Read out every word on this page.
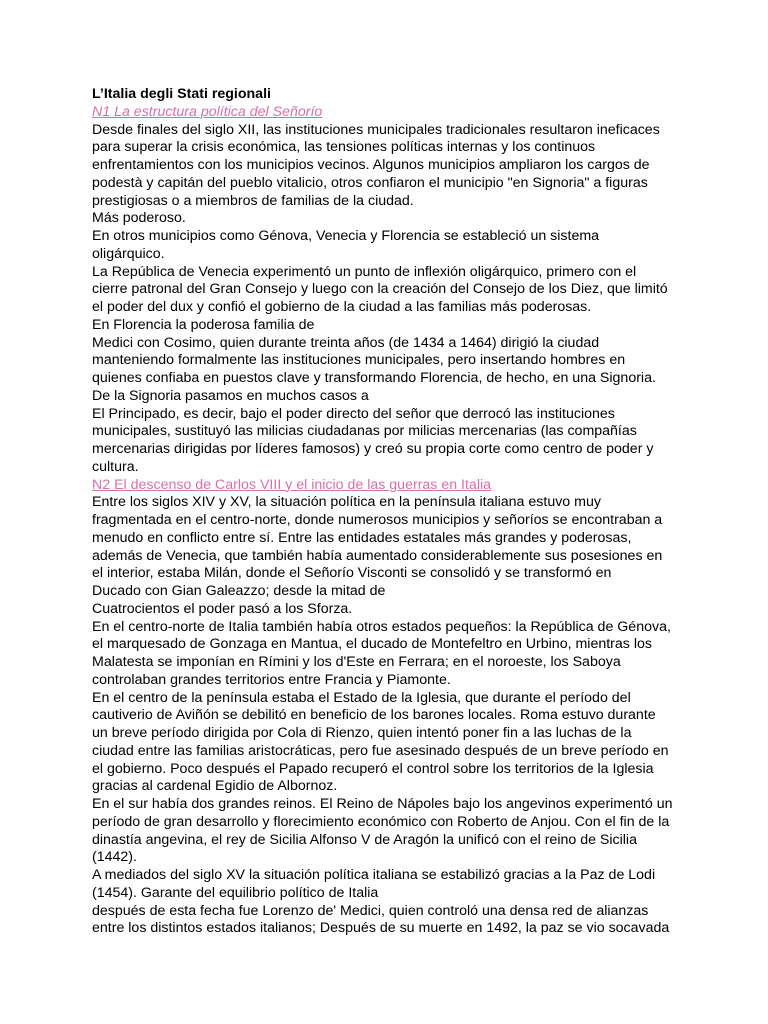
L’Italia degli Stati regionali
N1 La estructura política del Señorío
Desde finales del siglo XII, las instituciones municipales tradicionales resultaron ineficaces
para superar la crisis económica, las tensiones políticas internas y los continuos
enfrentamientos con los municipios vecinos. Algunos municipios ampliaron los cargos de
podestà y capitán del pueblo vitalicio, otros confiaron el municipio "en Signoria" a figuras
prestigiosas o a miembros de familias de la ciudad.
Más poderoso.
En otros municipios como Génova, Venecia y Florencia se estableció un sistema
oligárquico.
La República de Venecia experimentó un punto de inflexión oligárquico, primero con el
cierre patronal del Gran Consejo y luego con la creación del Consejo de los Diez, que limitó
el poder del dux y confió el gobierno de la ciudad a las familias más poderosas.
En Florencia la poderosa familia de
Medici con Cosimo, quien durante treinta años (de 1434 a 1464) dirigió la ciudad
manteniendo formalmente las instituciones municipales, pero insertando hombres en
quienes confiaba en puestos clave y transformando Florencia, de hecho, en una Signoria.
De la Signoria pasamos en muchos casos a
El Principado, es decir, bajo el poder directo del señor que derrocó las instituciones
municipales, sustituyó las milicias ciudadanas por milicias mercenarias (las compañías
mercenarias dirigidas por líderes famosos) y creó su propia corte como centro de poder y
cultura.
N2 El descenso de Carlos VIII y el inicio de las guerras en Italia
Entre los siglos XIV y XV, la situación política en la península italiana estuvo muy
fragmentada en el centro-norte, donde numerosos municipios y señoríos se encontraban a
menudo en conflicto entre sí. Entre las entidades estatales más grandes y poderosas,
además de Venecia, que también había aumentado considerablemente sus posesiones en
el interior, estaba Milán, donde el Señorío Visconti se consolidó y se transformó en
Ducado con Gian Galeazzo; desde la mitad de
Cuatrocientos el poder pasó a los Sforza.
En el centro-norte de Italia también había otros estados pequeños: la República de Génova,
el marquesado de Gonzaga en Mantua, el ducado de Montefeltro en Urbino, mientras los
Malatesta se imponían en Rímini y los d'Este en Ferrara; en el noroeste, los Saboya
controlaban grandes territorios entre Francia y Piamonte.
En el centro de la península estaba el Estado de la Iglesia, que durante el período del
cautiverio de Aviñón se debilitó en beneficio de los barones locales. Roma estuvo durante
un breve período dirigida por Cola di Rienzo, quien intentó poner fin a las luchas de la
ciudad entre las familias aristocráticas, pero fue asesinado después de un breve período en
el gobierno. Poco después el Papado recuperó el control sobre los territorios de la Iglesia
gracias al cardenal Egidio de Albornoz.
En el sur había dos grandes reinos. El Reino de Nápoles bajo los angevinos experimentó un
período de gran desarrollo y florecimiento económico con Roberto de Anjou. Con el fin de la
dinastía angevina, el rey de Sicilia Alfonso V de Aragón la unificó con el reino de Sicilia
(1442).
A mediados del siglo XV la situación política italiana se estabilizó gracias a la Paz de Lodi
(1454). Garante del equilibrio político de Italia
después de esta fecha fue Lorenzo de' Medici, quien controló una densa red de alianzas
entre los distintos estados italianos; Después de su muerte en 1492, la paz se vio socavada
